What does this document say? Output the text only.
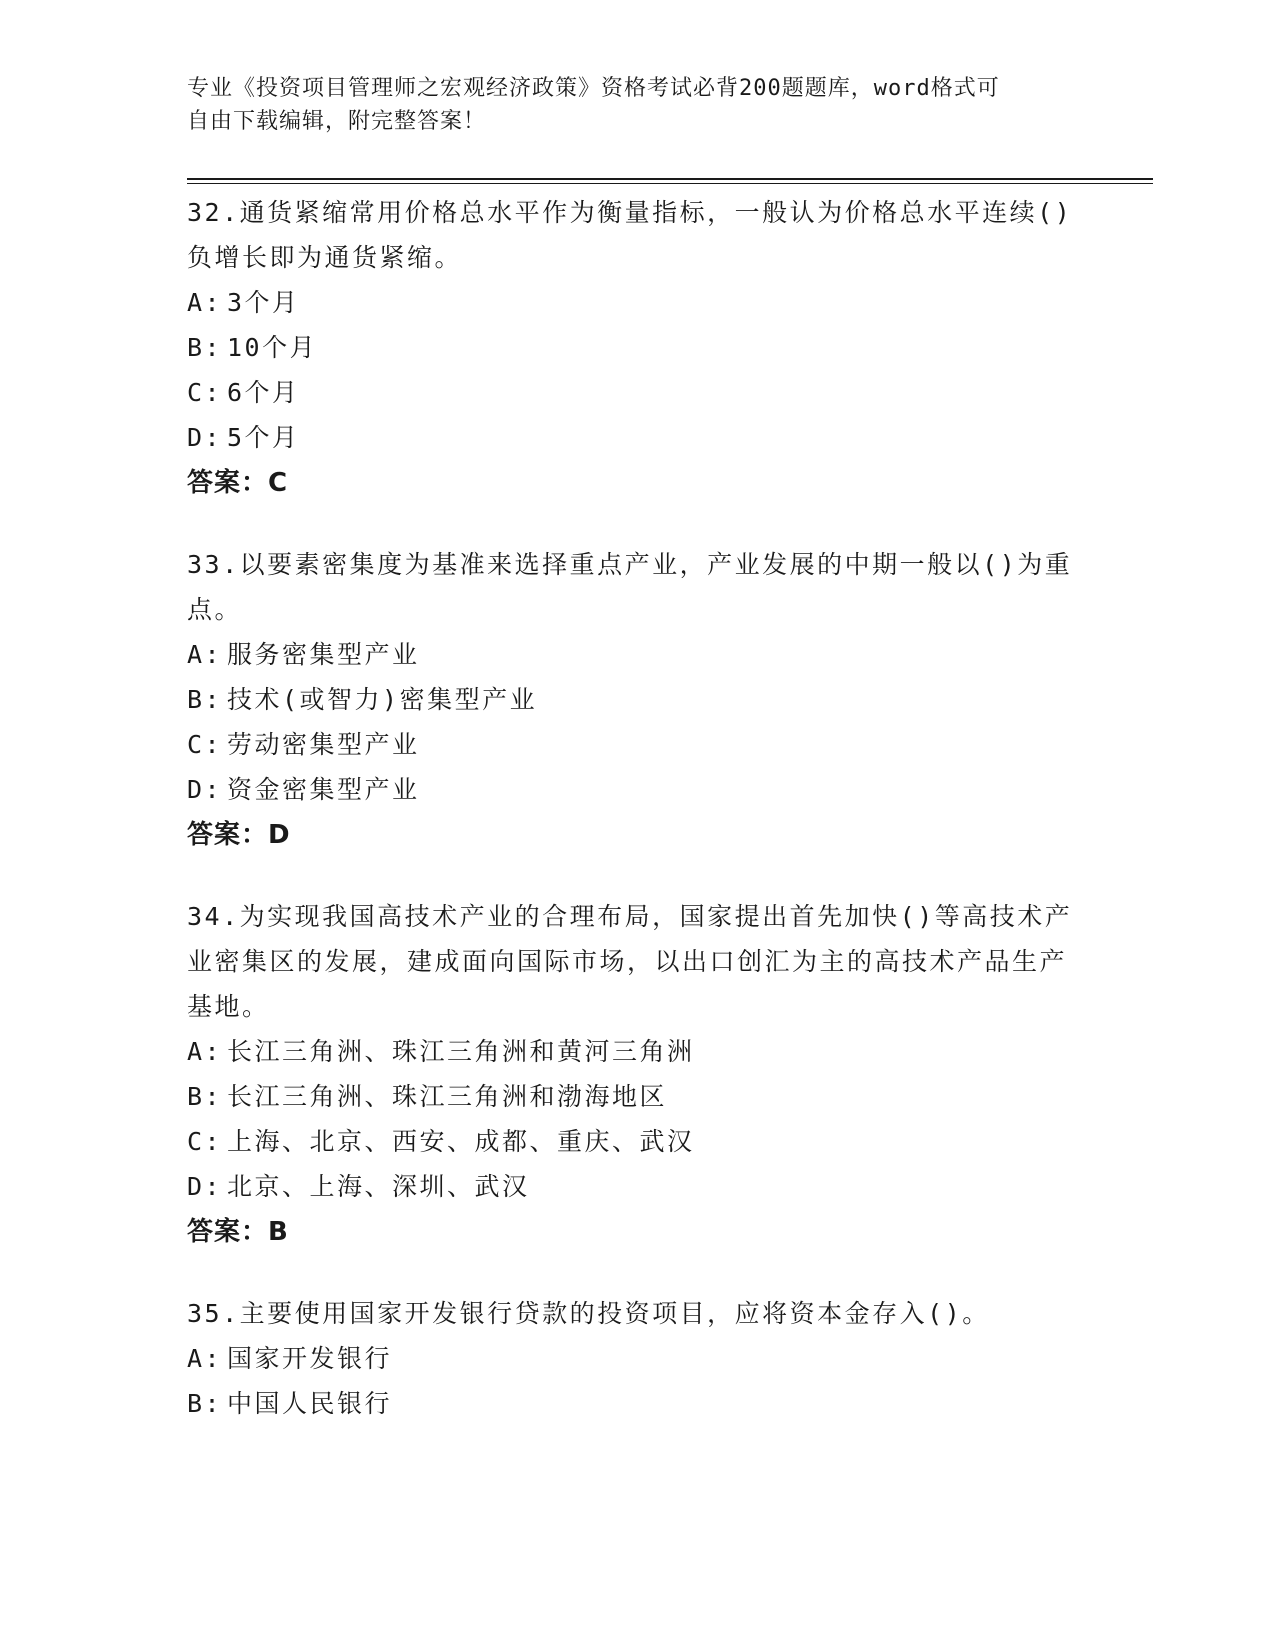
专业《投资项目管理师之宏观经济政策》资格考试必背200题题库，word格式可
自由下载编辑，附完整答案！
32.通货紧缩常用价格总水平作为衡量指标，一般认为价格总水平连续()负增长即为通货紧缩。
A: 3个月
B: 10个月
C: 6个月
D: 5个月
答案：C
33.以要素密集度为基准来选择重点产业，产业发展的中期一般以()为重点。
A: 服务密集型产业
B: 技术(或智力)密集型产业
C: 劳动密集型产业
D: 资金密集型产业
答案：D
34.为实现我国高技术产业的合理布局，国家提出首先加快()等高技术产业密集区的发展，建成面向国际市场，以出口创汇为主的高技术产品生产基地。
A: 长江三角洲、珠江三角洲和黄河三角洲
B: 长江三角洲、珠江三角洲和渤海地区
C: 上海、北京、西安、成都、重庆、武汉
D: 北京、上海、深圳、武汉
答案：B
35.主要使用国家开发银行贷款的投资项目，应将资本金存入()。
A: 国家开发银行
B: 中国人民银行
